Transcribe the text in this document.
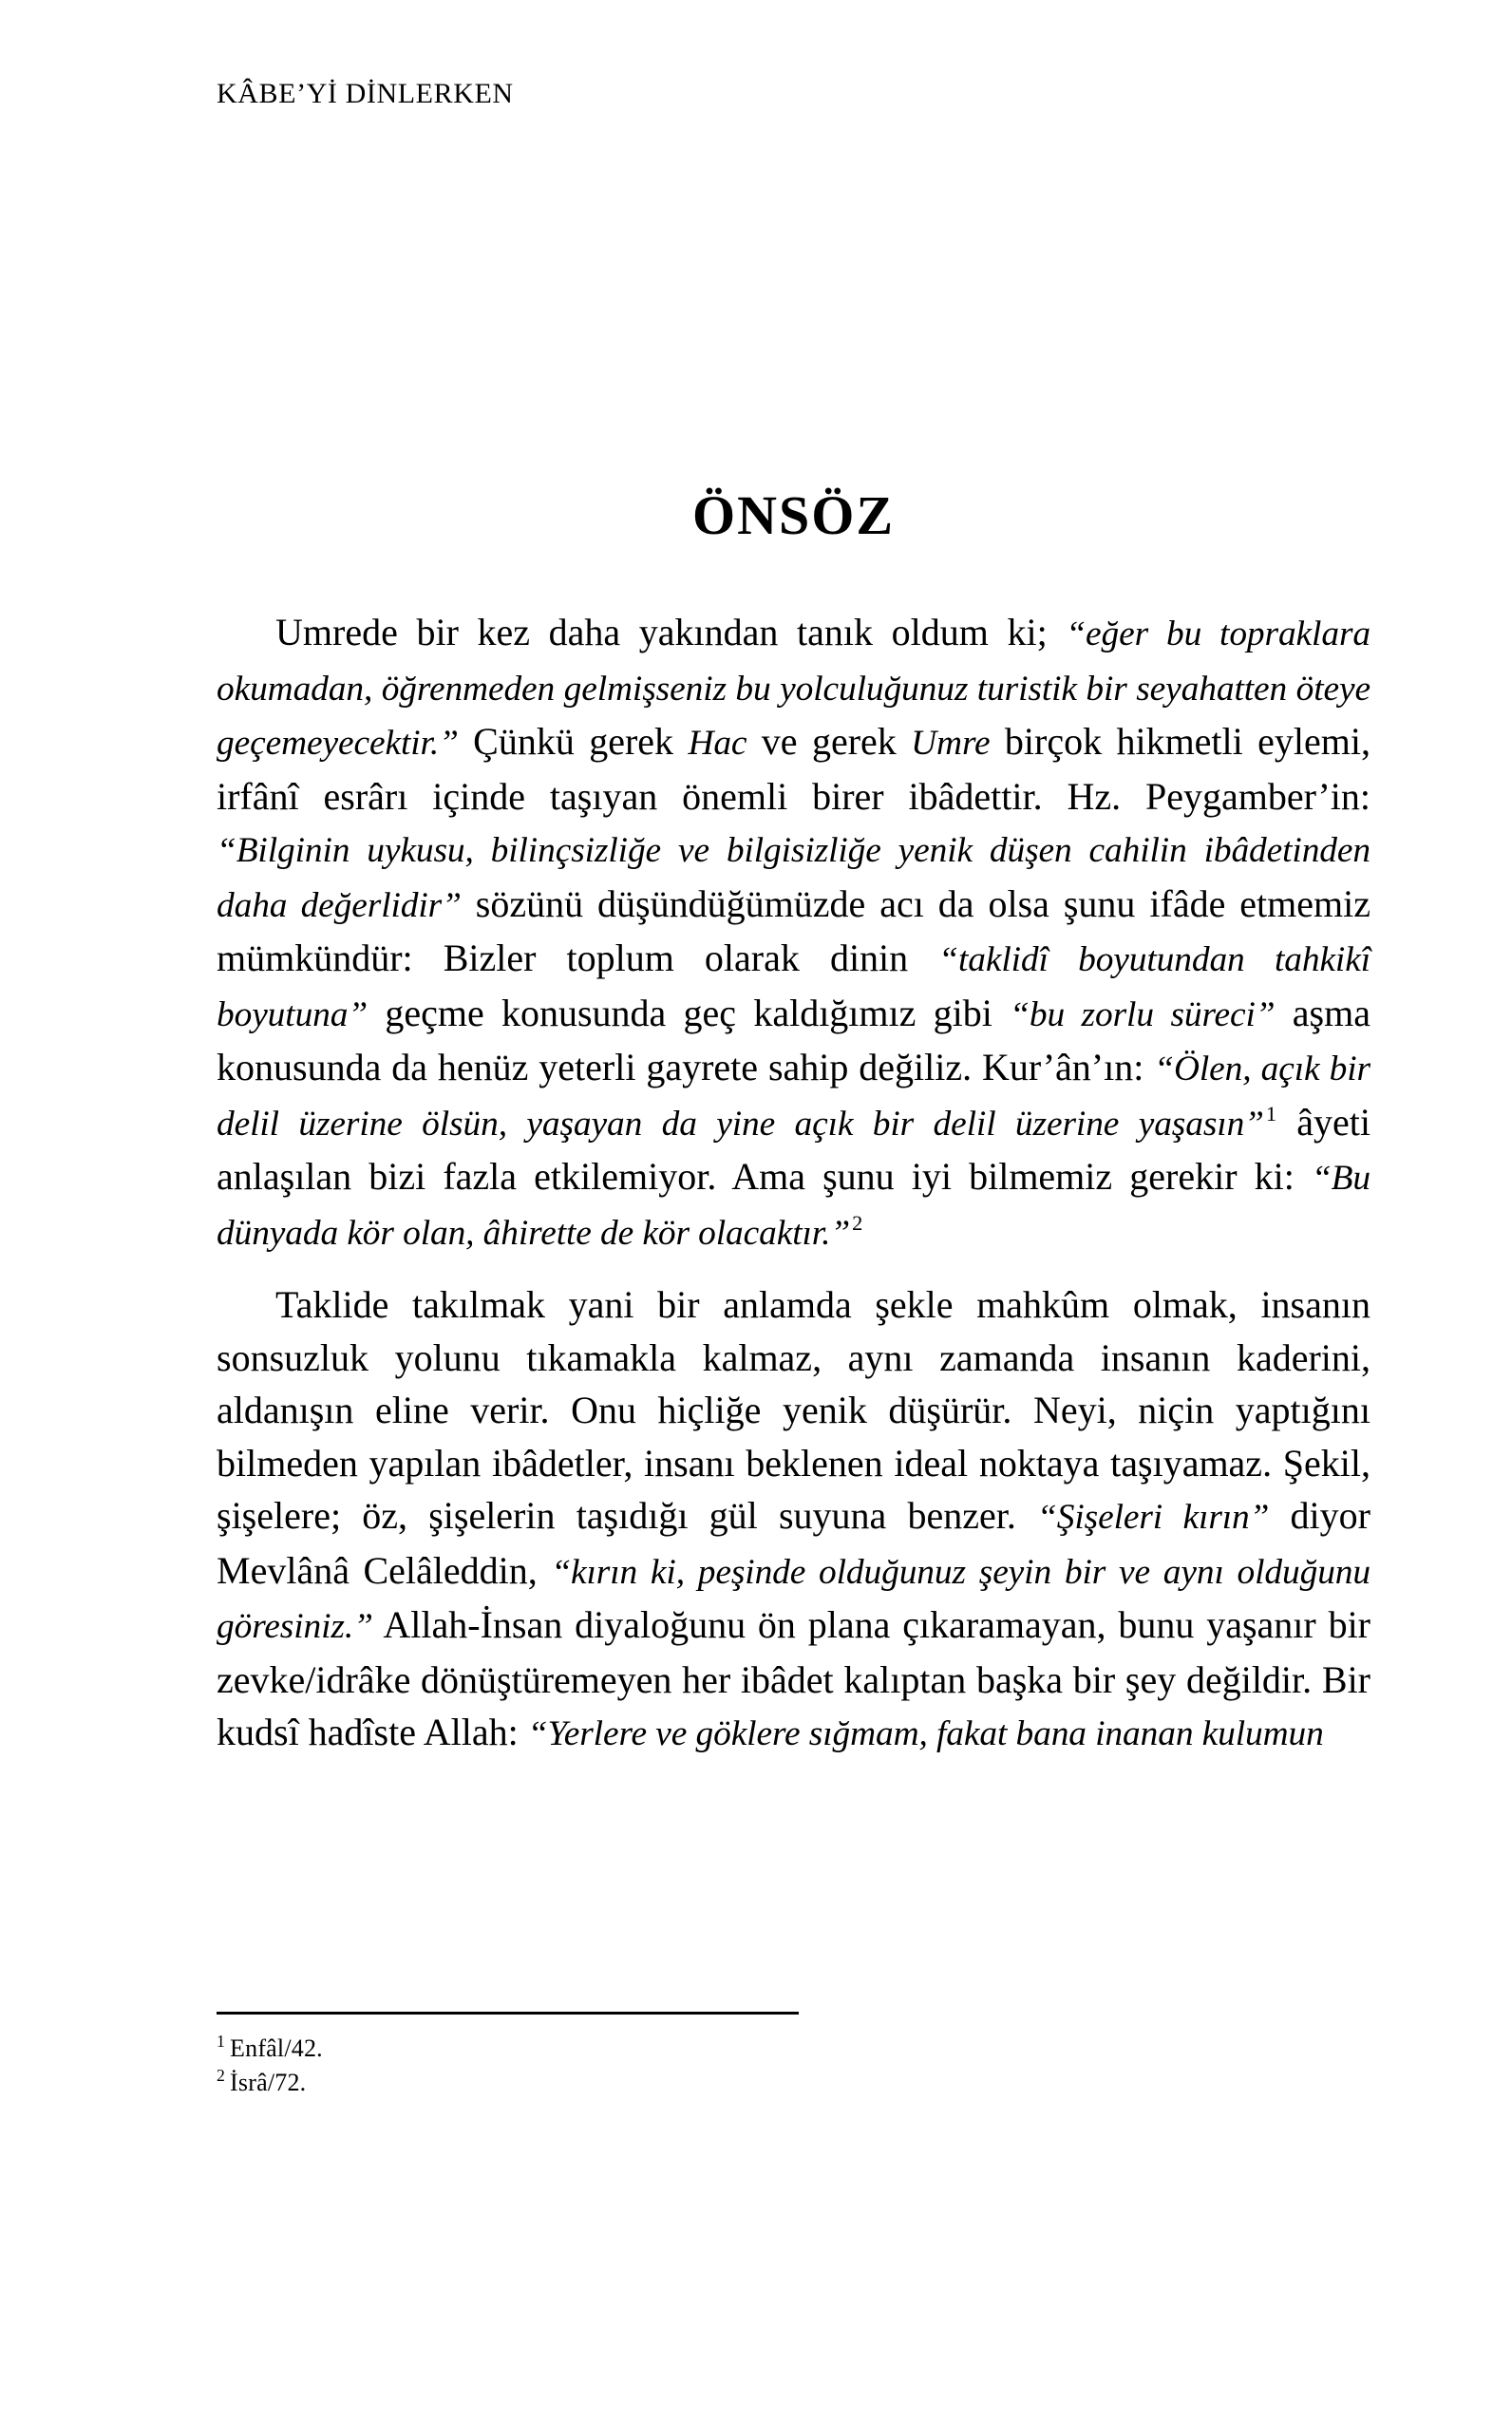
KÂBE’Yİ DİNLERKEN
ÖNSÖZ

Umrede bir kez daha yakından tanık oldum ki; “eğer bu topraklara okumadan, öğrenmeden gelmişseniz bu yolculuğunuz turistik bir seyahatten öteye geçemeyecektir.” Çünkü gerek Hac ve gerek Umre birçok hikmetli eylemi, irfânî esrârı içinde taşıyan önemli birer ibâdettir. Hz. Peygamber’in: “Bilginin uykusu, bilinçsizliğe ve bilgisizliğe yenik düşen cahilin ibâdetinden daha değerlidir” sözünü düşündüğümüzde acı da olsa şunu ifâde etmemiz mümkündür: Bizler toplum olarak dinin “taklidî boyutundan tahkikî boyutuna” geçme konusunda geç kaldığımız gibi “bu zorlu süreci” aşma konusunda da henüz yeterli gayrete sahip değiliz. Kur’ân’ın: “Ölen, açık bir delil üzerine ölsün, yaşayan da yine açık bir delil üzerine yaşasın”$^1$ âyeti anlaşılan bizi fazla etkilemiyor. Ama şunu iyi bilmemiz gerekir ki: “Bu dünyada kör olan, âhirette de kör olacaktır.”$^2$

Taklide takılmak yani bir anlamda şekle mahkûm olmak, insanın sonsuzluk yolunu tıkamakla kalmaz, aynı zamanda insanın kaderini, aldanışın eline verir. Onu hiçliğe yenik düşürür. Neyi, niçin yaptığını bilmeden yapılan ibâdetler, insanı beklenen ideal noktaya taşıyamaz. Şekil, şişelere; öz, şişelerin taşıdığı gül suyuna benzer. “Şişeleri kırın” diyor Mevlânâ Celâleddin, “kırın ki, peşinde olduğunuz şeyin bir ve aynı olduğunu göresiniz.” Allah-İnsan diyaloğunu ön plana çıkaramayan, bunu yaşanır bir zevke/idrâke dönüştüremeyen her ibâdet kalıptan başka bir şey değildir. Bir kudsî hadîste Allah: “Yerlere ve göklere sığmam, fakat bana inanan kulumun

$^1$ Enfâl/42.

$^2$ İsrâ/72.
